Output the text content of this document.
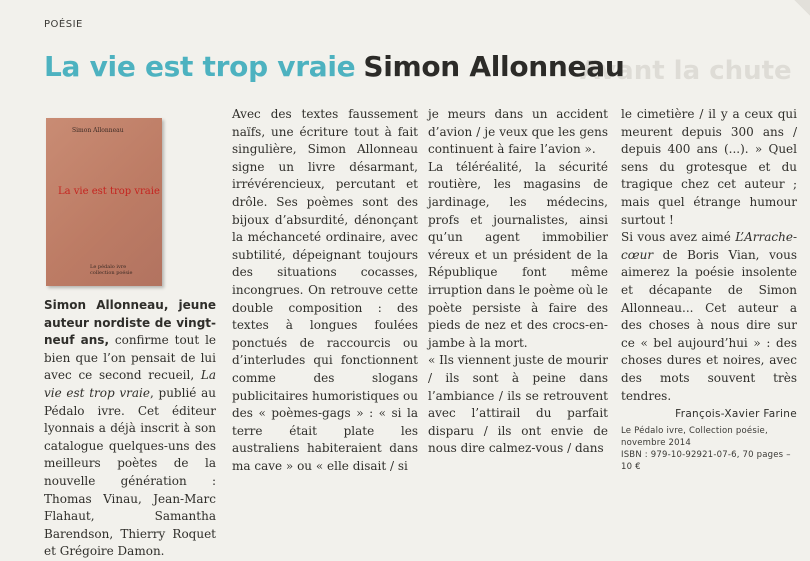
Avant la chute
POÉSIE
La vie est trop vraie Simon Allonneau
Simon Allonneau
La vie est trop vraie
Le pédalo ivre
collection poésie

Simon Allonneau, jeune auteur nordiste de vingt-neuf ans, confirme tout le bien que l’on pensait de lui avec ce second recueil, La vie est trop vraie, publié au Pédalo ivre. Cet éditeur lyonnais a déjà inscrit à son catalogue quelques-uns des meilleurs poètes de la nouvelle génération : Thomas Vinau, Jean-Marc Flahaut, Samantha Barendson, Thierry Roquet et Grégoire Damon.

Avec des textes faussement naïfs, une écriture tout à fait singulière, Simon Allonneau signe un livre désarmant, irrévérencieux, percutant et drôle. Ses poèmes sont des bijoux d’absurdité, dénonçant la méchanceté ordinaire, avec subtilité, dépeignant toujours des situations cocasses, incongrues. On retrouve cette double composition : des textes à longues foulées ponctués de raccourcis ou d’interludes qui fonctionnent comme des slogans publicitaires humoristiques ou des « poèmes-gags » : « si la terre était plate les australiens habiteraient dans ma cave » ou « elle disait / si

je meurs dans un accident d’avion / je veux que les gens continuent à faire l’avion ».

La téléréalité, la sécurité routière, les magasins de jardinage, les médecins, profs et journalistes, ainsi qu’un agent immobilier véreux et un président de la République font même irruption dans le poème où le poète persiste à faire des pieds de nez et des crocs-en-jambe à la mort.

« Ils viennent juste de mourir / ils sont à peine dans l’ambiance / ils se retrouvent avec l’attirail du parfait disparu / ils ont envie de nous dire calmez-vous / dans

le cimetière / il y a ceux qui meurent depuis 300 ans / depuis 400 ans (...). » Quel sens du grotesque et du tragique chez cet auteur ; mais quel étrange humour surtout !

Si vous avez aimé L’Arrache-cœur de Boris Vian, vous aimerez la poésie insolente et décapante de Simon Allonneau... Cet auteur a des choses à nous dire sur ce « bel aujourd’hui » : des choses dures et noires, avec des mots souvent très tendres.

François-Xavier Farine

Le Pédalo ivre, Collection poésie,
novembre 2014
ISBN : 979-10-92921-07-6, 70 pages – 10 €
